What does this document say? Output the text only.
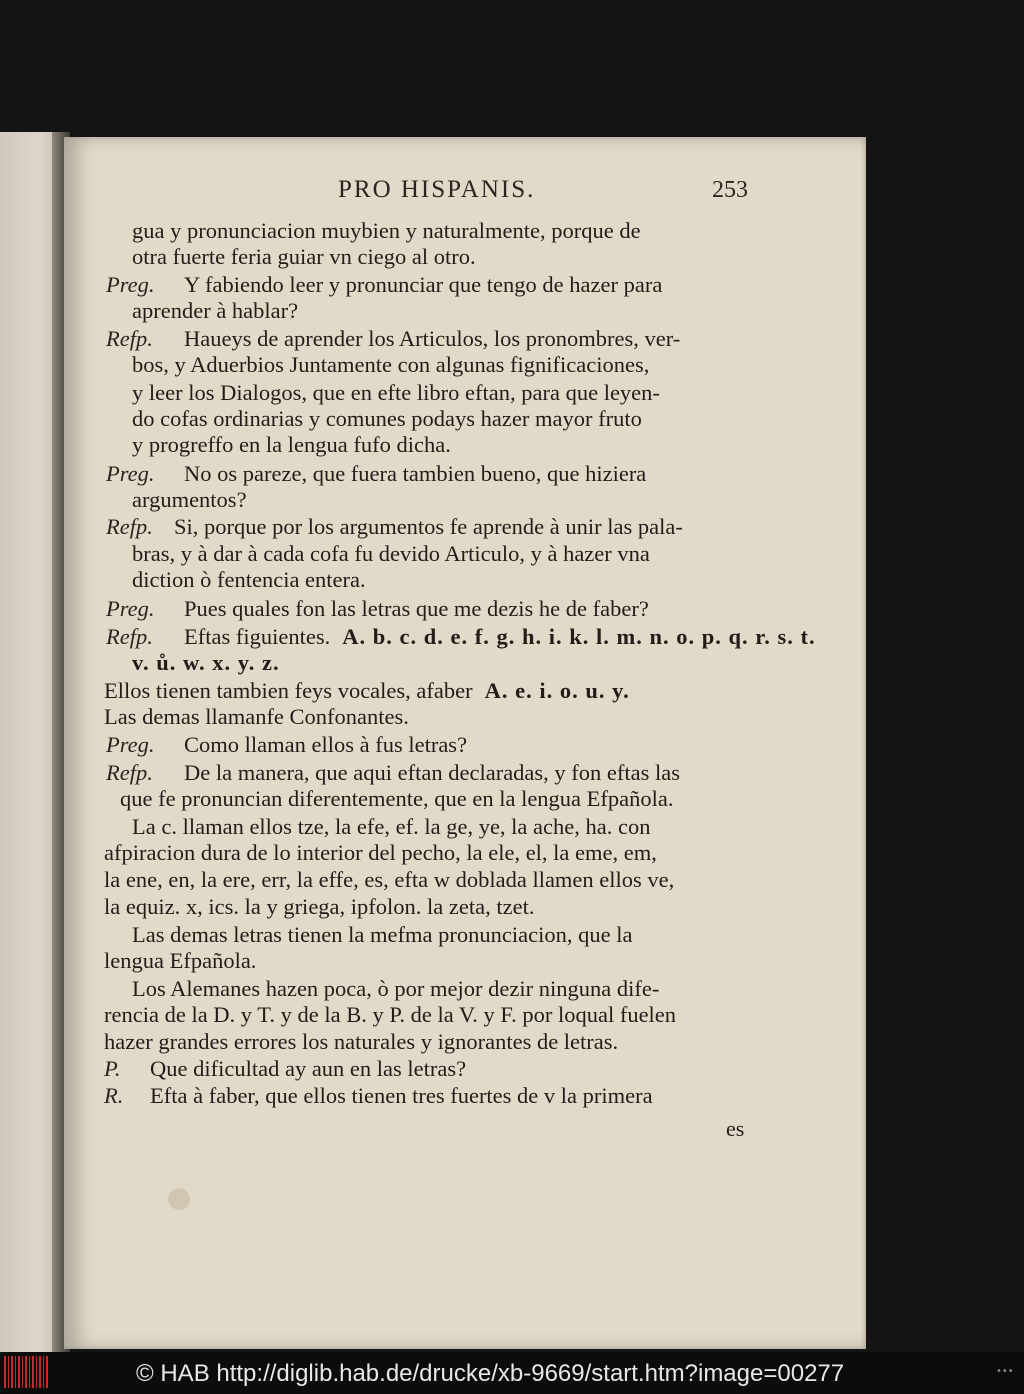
PRO HISPANIS.	253
gua y pronunciacion muybien y naturalmente, porque de
otra fuerte feria guiar vn ciego al otro.
Preg. Y fabiendo leer y pronunciar que tengo de hazer para
aprender à hablar?
Refp. Haueys de aprender los Articulos, los pronombres, ver-
bos, y Aduerbios Juntamente con algunas fignificaciones,
y leer los Dialogos, que en efte libro eftan, para que leyen-
do cofas ordinarias y comunes podays hazer mayor fruto
y progreffo en la lengua fufo dicha.
Preg. No os pareze, que fuera tambien bueno, que hiziera
argumentos?
Refp. Si, porque por los argumentos fe aprende à unir las pala-
bras, y à dar à cada cofa fu devido Articulo, y à hazer vna
diction ò fentencia entera.
Preg. Pues quales fon las letras que me dezis he de faber?
Refp. Eftas figuientes. A. b. c. d. e. f. g. h. i. k. l. m. n. o. p. q. r. s. t.
v. ů. w. x. y. z.
Ellos tienen tambien feys vocales, afaber A. e. i. o. u. y.
Las demas llamanfe Confonantes.
Preg. Como llaman ellos à fus letras?
Refp. De la manera, que aqui eftan declaradas, y fon eftas las
que fe pronuncian diferentemente, que en la lengua Efpañola.
La c. llaman ellos tze, la efe, ef. la ge, ye, la ache, ha. con
afpiracion dura de lo interior del pecho, la ele, el, la eme, em,
la ene, en, la ere, err, la effe, es, efta w doblada llamen ellos ve,
la equiz. x, ics. la y griega, ipfolon. la zeta, tzet.
Las demas letras tienen la mefma pronunciacion, que la
lengua Efpañola.
Los Alemanes hazen poca, ò por mejor dezir ninguna dife-
rencia de la D. y T. y de la B. y P. de la V. y F. por loqual fuelen
hazer grandes errores los naturales y ignorantes de letras.
P. Que dificultad ay aun en las letras?
R. Efta à faber, que ellos tienen tres fuertes de v la primera
es
© HAB http://diglib.hab.de/drucke/xb-9669/start.htm?image=00277	•••
